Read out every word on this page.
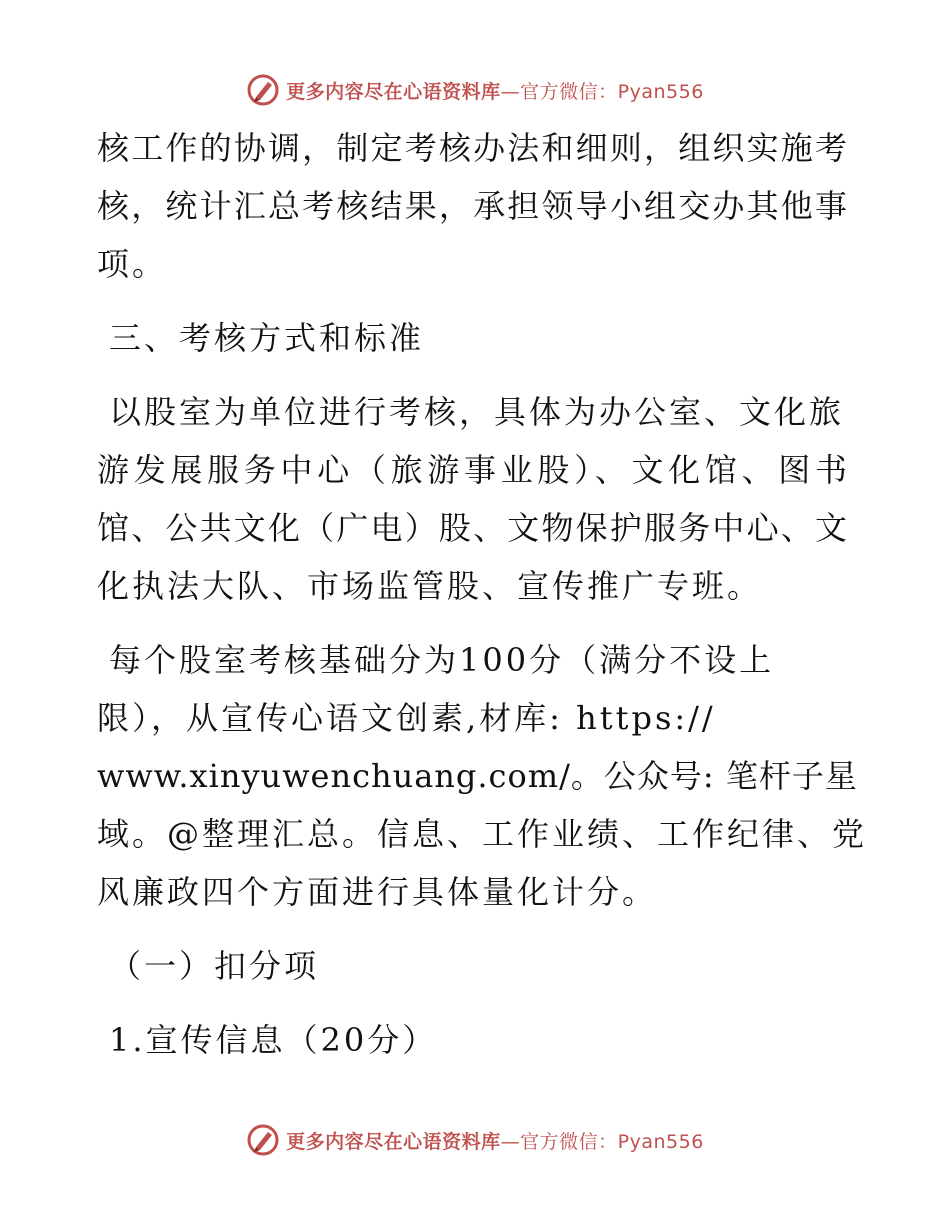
更多内容尽在心语资料库—官方微信：Pyan556
核工作的协调，制定考核办法和细则，组织实施考
核，统计汇总考核结果，承担领导小组交办其他事
项。
三、考核方式和标准
以股室为单位进行考核，具体为办公室、文化旅
游发展服务中心（旅游事业股）、文化馆、图书
馆、公共文化（广电）股、文物保护服务中心、文
化执法大队、市场监管股、宣传推广专班。
每个股室考核基础分为100分（满分不设上
限），从宣传心语文创素,材库: https://
www.xinyuwenchuang.com/。公众号: 笔杆子星
域。@整理汇总。信息、工作业绩、工作纪律、党
风廉政四个方面进行具体量化计分。
（一）扣分项
1.宣传信息（20分）
更多内容尽在心语资料库—官方微信：Pyan556
